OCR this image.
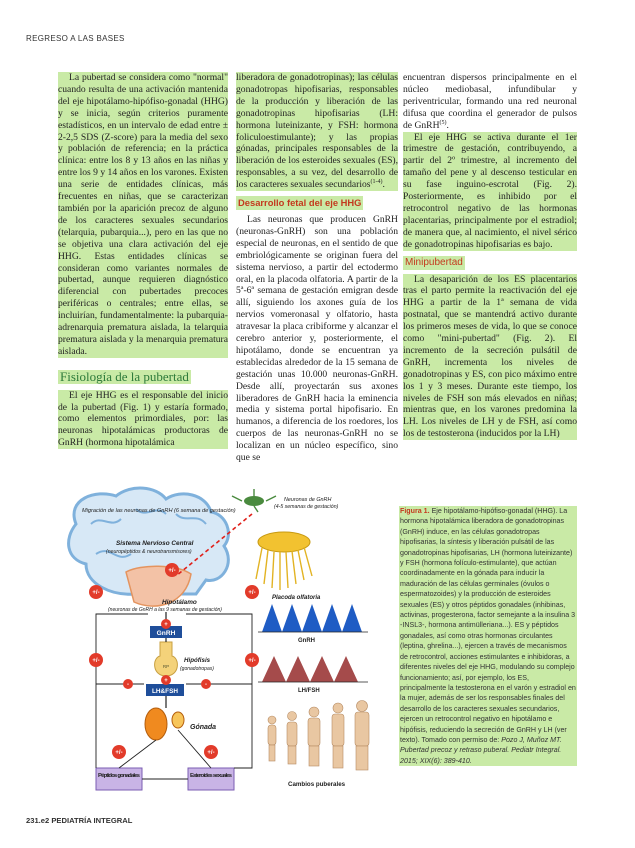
REGRESO A LAS BASES

La pubertad se considera como "normal" cuando resulta de una activación mantenida del eje hipotálamo-hipófiso-gonadal (HHG) y se inicia, según criterios puramente estadísticos, en un intervalo de edad entre ± 2-2,5 SDS (Z-score) para la media del sexo y población de referencia; en la práctica clínica: entre los 8 y 13 años en las niñas y entre los 9 y 14 años en los varones. Existen una serie de entidades clínicas, más frecuentes en niñas, que se caracterizan también por la aparición precoz de alguno de los caracteres sexuales secundarios (telarquia, pubarquia...), pero en las que no se objetiva una clara activación del eje HHG. Estas entidades clínicas se consideran como variantes normales de pubertad, aunque requieren diagnóstico diferencial con pubertades precoces periféricas o centrales; entre ellas, se incluirían, fundamentalmente: la pubarquia-adrenarquia prematura aislada, la telarquia prematura aislada y la menarquia prematura aislada.

Fisiología de la pubertad

El eje HHG es el responsable del inicio de la pubertad (Fig. 1) y estaría formado, como elementos primordiales, por: las neuronas hipotalámicas productoras de GnRH (hormona hipotalámica

liberadora de gonadotropinas); las células gonadotropas hipofisarias, responsables de la producción y liberación de las gonadotropinas hipofisarias (LH: hormona luteinizante, y FSH: hormona foliculoestimulante); y las propias gónadas, principales responsables de la liberación de los esteroides sexuales (ES), responsables, a su vez, del desarrollo de los caracteres sexuales secundarios$^{(1-4)}$.

Desarrollo fetal del eje HHG

Las neuronas que producen GnRH (neuronas-GnRH) son una población especial de neuronas, en el sentido de que embriológicamente se originan fuera del sistema nervioso, a partir del ectodermo oral, en la placoda olfatoria. A partir de la 5ª-6ª semana de gestación emigran desde allí, siguiendo los axones guía de los nervios vomeronasal y olfatorio, hasta atravesar la placa cribiforme y alcanzar el cerebro anterior y, posteriormente, el hipotálamo, donde se encuentran ya establecidas alrededor de la 15 semana de gestación unas 10.000 neuronas-GnRH. Desde allí, proyectarán sus axones liberadores de GnRH hacia la eminencia media y sistema portal hipofisario. En humanos, a diferencia de los roedores, los cuerpos de las neuronas-GnRH no se localizan en un núcleo específico, sino que se

encuentran dispersos principalmente en el núcleo mediobasal, infundibular y periventricular, formando una red neuronal difusa que coordina el generador de pulsos de GnRH$^{(5)}$.

El eje HHG se activa durante el 1er trimestre de gestación, contribuyendo, a partir del 2º trimestre, al incremento del tamaño del pene y al descenso testicular en su fase inguino-escrotal (Fig. 2). Posteriormente, es inhibido por el retrocontrol negativo de las hormonas placentarias, principalmente por el estradiol; de manera que, al nacimiento, el nivel sérico de gonadotropinas hipofisarias es bajo.

Minipubertad

La desaparición de los ES placentarios tras el parto permite la reactivación del eje HHG a partir de la 1ª semana de vida postnatal, que se mantendrá activo durante los primeros meses de vida, lo que se conoce como "mini-pubertad" (Fig. 2). El incremento de la secreción pulsátil de GnRH, incrementa los niveles de gonadotropinas y ES, con pico máximo entre los 1 y 3 meses. Durante este tiempo, los niveles de FSH son más elevados en niñas; mientras que, en los varones predomina la LH. Los niveles de LH y de FSH, así como los de testosterona (inducidos por la LH)

Migración de las neuronas de GnRH (6 semana de gestación)
Sistema Nervioso Central
(neuropéptidos & neurotransmisores)
Neuronas de GnRH
(4-5 semanas de gestación)
Placoda olfatoria
Hipotálamo
(neuronas de GnRH a las 9 semanas de gestación)
GnRH
RP
Hipófisis
(gonadotropas)
LH&FSH
Gónada
Péptidos gonadales	Esteroides sexuales
+/-	+/-
+/-	+/-
+/-	+/-
+/-
+
+
-	-
GnRH
LH/FSH
Cambios puberales
Figura 1. Eje hipotálamo-hipófiso-gonadal (HHG). La hormona hipotalámica liberadora de gonadotropinas (GnRH) induce, en las células gonadotropas hipofisarias, la síntesis y liberación pulsátil de las gonadotropinas hipofisarias, LH (hormona luteinizante) y FSH (hormona folículo-estimulante), que actúan coordinadamente en la gónada para inducir la maduración de las células germinales (óvulos o espermatozoides) y la producción de esteroides sexuales (ES) y otros péptidos gonadales (inhibinas, activinas, progesterona, factor semejante a la insulina 3 -INSL3-, hormona antimülleriana...). ES y péptidos gonadales, así como otras hormonas circulantes (leptina, ghrelina...), ejercen a través de mecanismos de retrocontrol, acciones estimulantes e inhibidoras, a diferentes niveles del eje HHG, modulando su complejo funcionamiento; así, por ejemplo, los ES, principalmente la testosterona en el varón y estradiol en la mujer, además de ser los responsables finales del desarrollo de los caracteres sexuales secundarios, ejercen un retrocontrol negativo en hipotálamo e hipófisis, reduciendo la secreción de GnRH y LH (ver texto). Tomado con permiso de: Pozo J, Muñoz MT. Pubertad precoz y retraso puberal. Pediatr Integral. 2015; XIX(6): 389-410.
231.e2 PEDIATRÍA INTEGRAL
